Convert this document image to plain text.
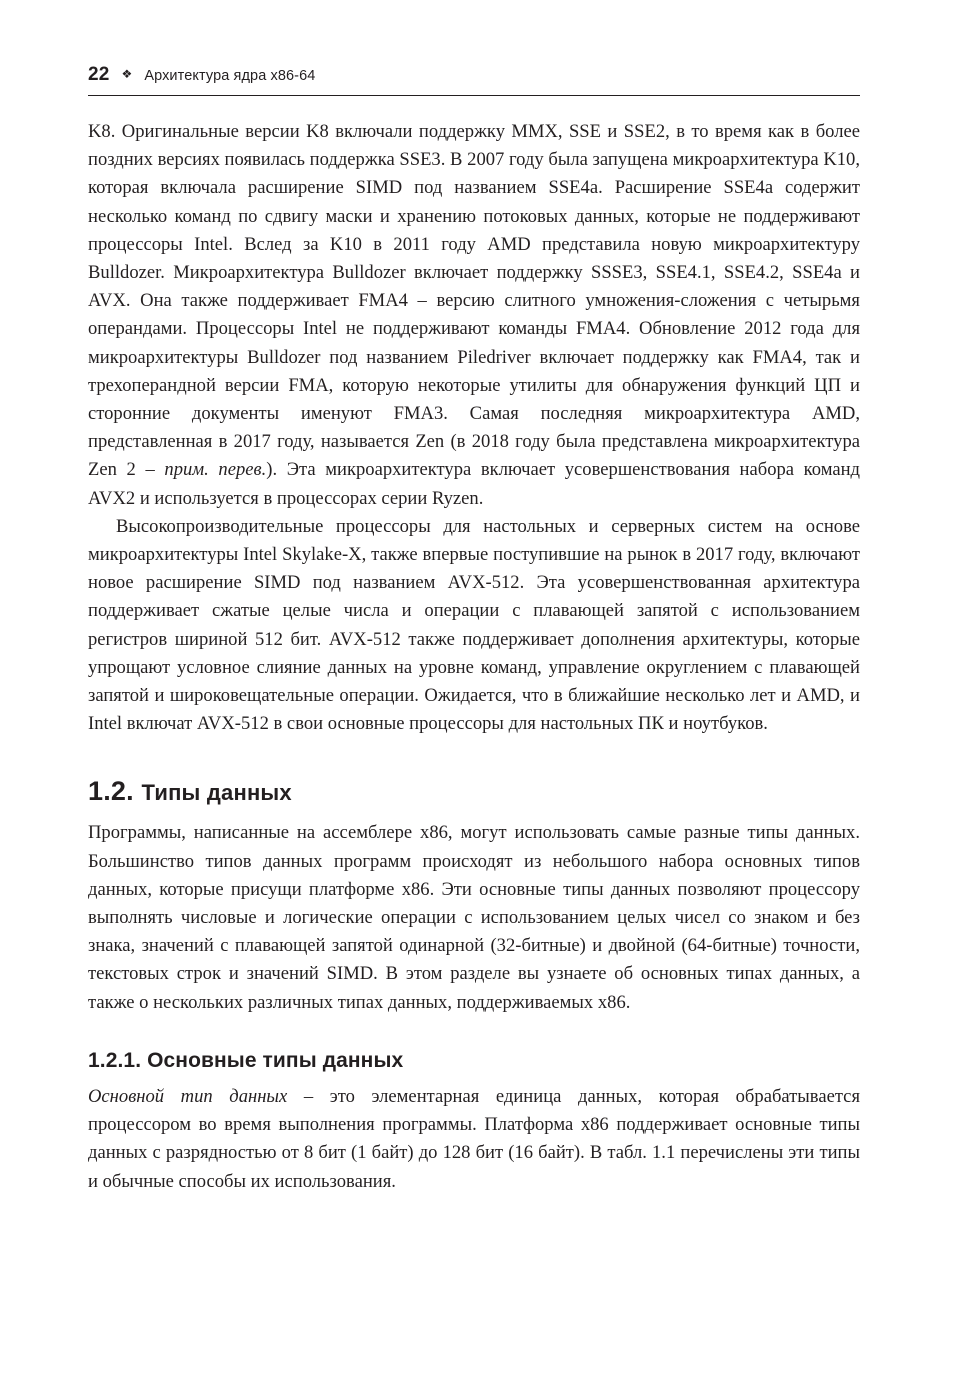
22 ❖ Архитектура ядра x86-64

K8. Оригинальные версии K8 включали поддержку MMX, SSE и SSE2, в то время как в более поздних версиях появилась поддержка SSE3. В 2007 году была запущена микроархитектура K10, которая включала расширение SIMD под названием SSE4a. Расширение SSE4a содержит несколько команд по сдвигу маски и хранению потоковых данных, которые не поддерживают процессоры Intel. Вслед за K10 в 2011 году AMD представила новую микроархитектуру Bulldozer. Микроархитектура Bulldozer включает поддержку SSSE3, SSE4.1, SSE4.2, SSE4a и AVX. Она также поддерживает FMA4 – версию слитного умножения-сложения с четырьмя операндами. Процессоры Intel не поддерживают команды FMA4. Обновление 2012 года для микроархитектуры Bulldozer под названием Piledriver включает поддержку как FMA4, так и трехоперандной версии FMA, которую некоторые утилиты для обнаружения функций ЦП и сторонние документы именуют FMA3. Самая последняя микроархитектура AMD, представленная в 2017 году, называется Zen (в 2018 году была представлена микроархитектура Zen 2 – прим. перев.). Эта микроархитектура включает усовершенствования набора команд AVX2 и используется в процессорах серии Ryzen.

Высокопроизводительные процессоры для настольных и серверных систем на основе микроархитектуры Intel Skylake-X, также впервые поступившие на рынок в 2017 году, включают новое расширение SIMD под названием AVX-512. Эта усовершенствованная архитектура поддерживает сжатые целые числа и операции с плавающей запятой с использованием регистров шириной 512 бит. AVX-512 также поддерживает дополнения архитектуры, которые упрощают условное слияние данных на уровне команд, управление округлением с плавающей запятой и широковещательные операции. Ожидается, что в ближайшие несколько лет и AMD, и Intel включат AVX-512 в свои основные процессоры для настольных ПК и ноутбуков.

1.2. Типы данных

Программы, написанные на ассемблере x86, могут использовать самые разные типы данных. Большинство типов данных программ происходят из небольшого набора основных типов данных, которые присущи платформе x86. Эти основные типы данных позволяют процессору выполнять числовые и логические операции с использованием целых чисел со знаком и без знака, значений с плавающей запятой одинарной (32-битные) и двойной (64-битные) точности, текстовых строк и значений SIMD. В этом разделе вы узнаете об основных типах данных, а также о нескольких различных типах данных, поддерживаемых x86.

1.2.1. Основные типы данных

Основной тип данных – это элементарная единица данных, которая обрабатывается процессором во время выполнения программы. Платформа x86 поддерживает основные типы данных с разрядностью от 8 бит (1 байт) до 128 бит (16 байт). В табл. 1.1 перечислены эти типы и обычные способы их использования.
